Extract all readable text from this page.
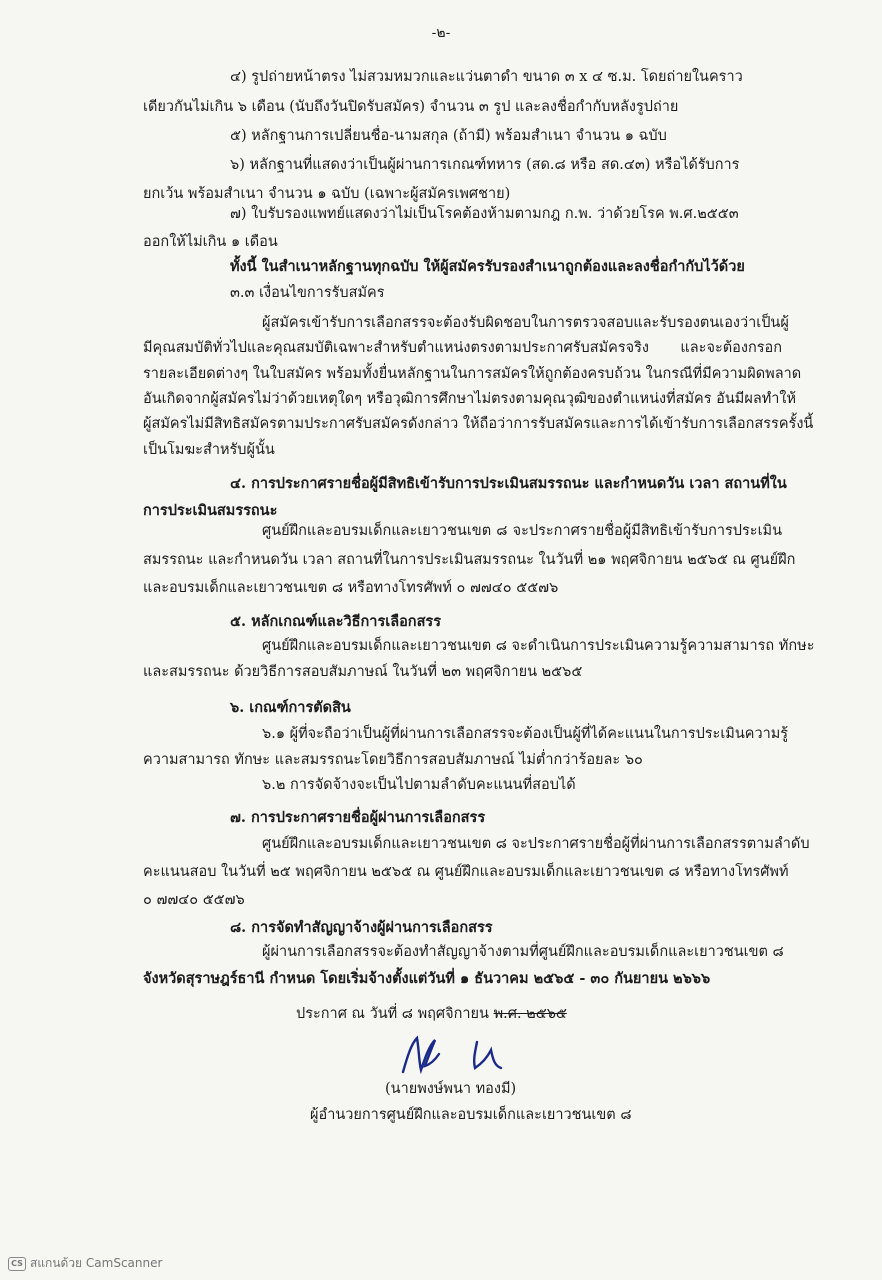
-๒-
๔) รูปถ่ายหน้าตรง ไม่สวมหมวกและแว่นตาดำ ขนาด ๓ x ๔ ซ.ม. โดยถ่ายในคราว
เดียวกันไม่เกิน ๖ เดือน (นับถึงวันปิดรับสมัคร) จำนวน ๓ รูป และลงชื่อกำกับหลังรูปถ่าย
๕) หลักฐานการเปลี่ยนชื่อ-นามสกุล (ถ้ามี) พร้อมสำเนา จำนวน ๑ ฉบับ
๖) หลักฐานที่แสดงว่าเป็นผู้ผ่านการเกณฑ์ทหาร (สด.๘ หรือ สด.๔๓) หรือได้รับการ
ยกเว้น พร้อมสำเนา จำนวน ๑ ฉบับ (เฉพาะผู้สมัครเพศชาย)
๗) ใบรับรองแพทย์แสดงว่าไม่เป็นโรคต้องห้ามตามกฎ ก.พ. ว่าด้วยโรค พ.ศ.๒๕๕๓
ออกให้ไม่เกิน ๑ เดือน
ทั้งนี้ ในสำเนาหลักฐานทุกฉบับ ให้ผู้สมัครรับรองสำเนาถูกต้องและลงชื่อกำกับไว้ด้วย
๓.๓ เงื่อนไขการรับสมัคร
ผู้สมัครเข้ารับการเลือกสรรจะต้องรับผิดชอบในการตรวจสอบและรับรองตนเองว่าเป็นผู้
มีคุณสมบัติทั่วไปและคุณสมบัติเฉพาะสำหรับตำแหน่งตรงตามประกาศรับสมัครจริง และจะต้องกรอก
รายละเอียดต่างๆ ในใบสมัคร พร้อมทั้งยื่นหลักฐานในการสมัครให้ถูกต้องครบถ้วน ในกรณีที่มีความผิดพลาด
อันเกิดจากผู้สมัครไม่ว่าด้วยเหตุใดๆ หรือวุฒิการศึกษาไม่ตรงตามคุณวุฒิของตำแหน่งที่สมัคร อันมีผลทำให้
ผู้สมัครไม่มีสิทธิสมัครตามประกาศรับสมัครดังกล่าว ให้ถือว่าการรับสมัครและการได้เข้ารับการเลือกสรรครั้งนี้
เป็นโมฆะสำหรับผู้นั้น
๔. การประกาศรายชื่อผู้มีสิทธิเข้ารับการประเมินสมรรถนะ และกำหนดวัน เวลา สถานที่ใน
การประเมินสมรรถนะ
ศูนย์ฝึกและอบรมเด็กและเยาวชนเขต ๘ จะประกาศรายชื่อผู้มีสิทธิเข้ารับการประเมิน
สมรรถนะ และกำหนดวัน เวลา สถานที่ในการประเมินสมรรถนะ ในวันที่ ๒๑ พฤศจิกายน ๒๕๖๕ ณ ศูนย์ฝึก
และอบรมเด็กและเยาวชนเขต ๘ หรือทางโทรศัพท์ ๐ ๗๗๔๐ ๕๕๗๖
๕. หลักเกณฑ์และวิธีการเลือกสรร
ศูนย์ฝึกและอบรมเด็กและเยาวชนเขต ๘ จะดำเนินการประเมินความรู้ความสามารถ ทักษะ
และสมรรถนะ ด้วยวิธีการสอบสัมภาษณ์ ในวันที่ ๒๓ พฤศจิกายน ๒๕๖๕
๖. เกณฑ์การตัดสิน
๖.๑ ผู้ที่จะถือว่าเป็นผู้ที่ผ่านการเลือกสรรจะต้องเป็นผู้ที่ได้คะแนนในการประเมินความรู้
ความสามารถ ทักษะ และสมรรถนะโดยวิธีการสอบสัมภาษณ์ ไม่ต่ำกว่าร้อยละ ๖๐
๖.๒ การจัดจ้างจะเป็นไปตามลำดับคะแนนที่สอบได้
๗. การประกาศรายชื่อผู้ผ่านการเลือกสรร
ศูนย์ฝึกและอบรมเด็กและเยาวชนเขต ๘ จะประกาศรายชื่อผู้ที่ผ่านการเลือกสรรตามลำดับ
คะแนนสอบ ในวันที่ ๒๕ พฤศจิกายน ๒๕๖๕ ณ ศูนย์ฝึกและอบรมเด็กและเยาวชนเขต ๘ หรือทางโทรศัพท์
๐ ๗๗๔๐ ๕๕๗๖
๘. การจัดทำสัญญาจ้างผู้ผ่านการเลือกสรร
ผู้ผ่านการเลือกสรรจะต้องทำสัญญาจ้างตามที่ศูนย์ฝึกและอบรมเด็กและเยาวชนเขต ๘
จังหวัดสุราษฎร์ธานี กำหนด โดยเริ่มจ้างตั้งแต่วันที่ ๑ ธันวาคม ๒๕๖๕ - ๓๐ กันยายน ๒๖๖๖
ประกาศ ณ วันที่ ๘ พฤศจิกายน พ.ศ. ๒๕๖๕
(นายพงษ์พนา ทองมี)
ผู้อำนวยการศูนย์ฝึกและอบรมเด็กและเยาวชนเขต ๘
CS สแกนด้วย CamScanner
